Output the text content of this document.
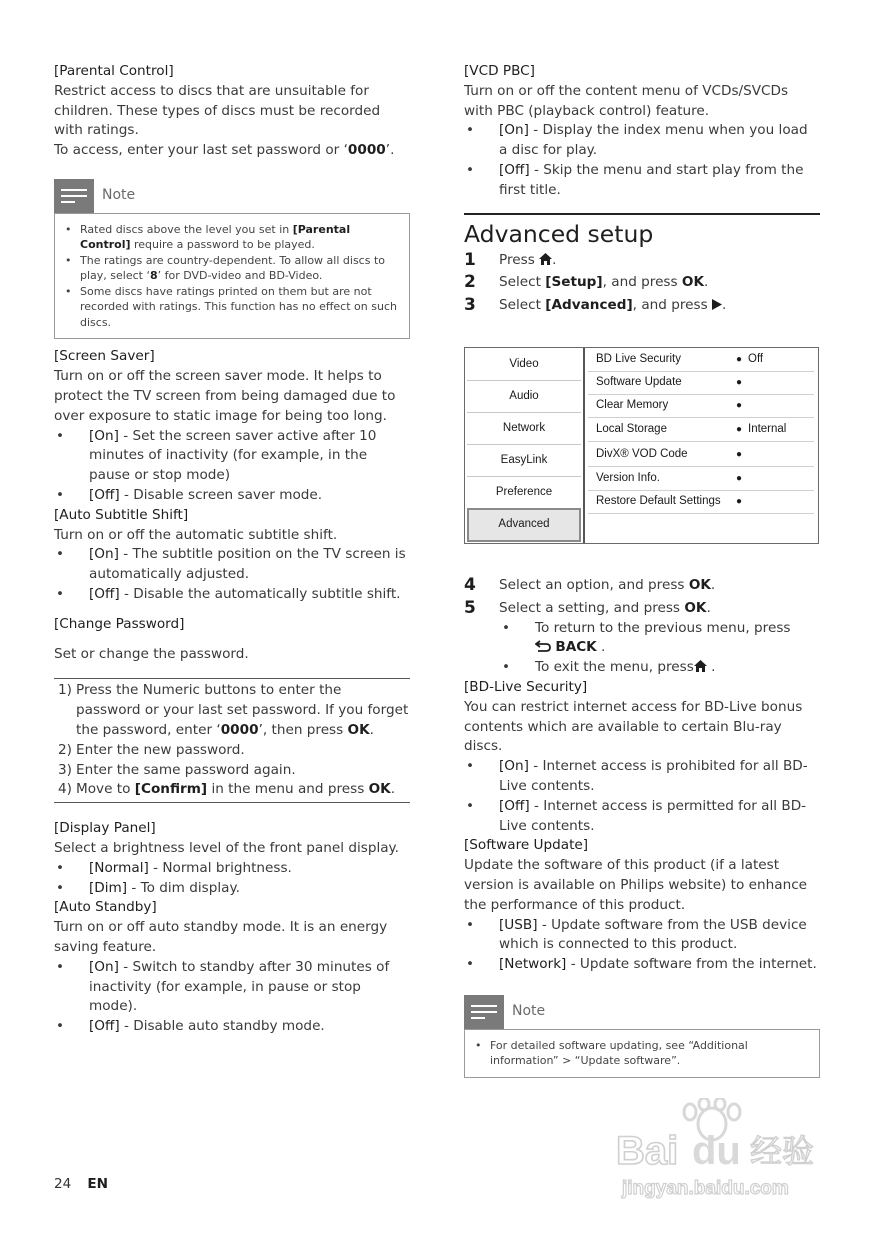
[Parental Control]

Restrict access to discs that are unsuitable for children. These types of discs must be recorded with ratings.

To access, enter your last set password or ‘0000’.

Note
• Rated discs above the level you set in [Parental Control] require a password to be played.
• The ratings are country-dependent. To allow all discs to play, select ‘8’ for DVD-video and BD-Video.
• Some discs have ratings printed on them but are not recorded with ratings. This function has no effect on such discs.

[Screen Saver]

Turn on or off the screen saver mode. It helps to protect the TV screen from being damaged due to over exposure to static image for being too long.

• [On] - Set the screen saver active after 10 minutes of inactivity (for example, in the pause or stop mode)
• [Off] - Disable screen saver mode.

[Auto Subtitle Shift]

Turn on or off the automatic subtitle shift.

• [On] - The subtitle position on the TV screen is automatically adjusted.
• [Off] - Disable the automatically subtitle shift.

[Change Password]

Set or change the password.

1) Press the Numeric buttons to enter the password or your last set password. If you forget the password, enter ‘0000’, then press OK.
2) Enter the new password.
3) Enter the same password again.
4) Move to [Confirm] in the menu and press OK.

[Display Panel]

Select a brightness level of the front panel display.

• [Normal] - Normal brightness.
• [Dim] - To dim display.

[Auto Standby]

Turn on or off auto standby mode. It is an energy saving feature.

• [On] - Switch to standby after 30 minutes of inactivity (for example, in pause or stop mode).
• [Off] - Disable auto standby mode.

[VCD PBC]

Turn on or off the content menu of VCDs/SVCDs with PBC (playback control) feature.

• [On] - Display the index menu when you load a disc for play.
• [Off] - Skip the menu and start play from the first title.
Advanced setup
1	Press .
2	Select [Setup], and press OK.
3	Select [Advanced], and press .
4	Select an option, and press OK.
5	Select a setting, and press OK.
• To return to the previous menu, press
BACK .
• To exit the menu, press .

[BD-Live Security]

You can restrict internet access for BD-Live bonus contents which are available to certain Blu-ray discs.

• [On] - Internet access is prohibited for all BD-Live contents.
• [Off] - Internet access is permitted for all BD-Live contents.

[Software Update]

Update the software of this product (if a latest version is available on Philips website) to enhance the performance of this product.

• [USB] - Update software from the USB device which is connected to this product.
• [Network] - Update software from the internet.
Note
• For detailed software updating, see “Additional information” > “Update software”.
Video
Audio
Network
EasyLink
Preference
Advanced
BD Live Security	● Off
Software Update	●
Clear Memory	●
Local Storage	● Internal
DivX® VOD Code	●
Version Info.	●
Restore Default Settings ●
24 EN
Bai du 经验
jingyan.baidu.com
